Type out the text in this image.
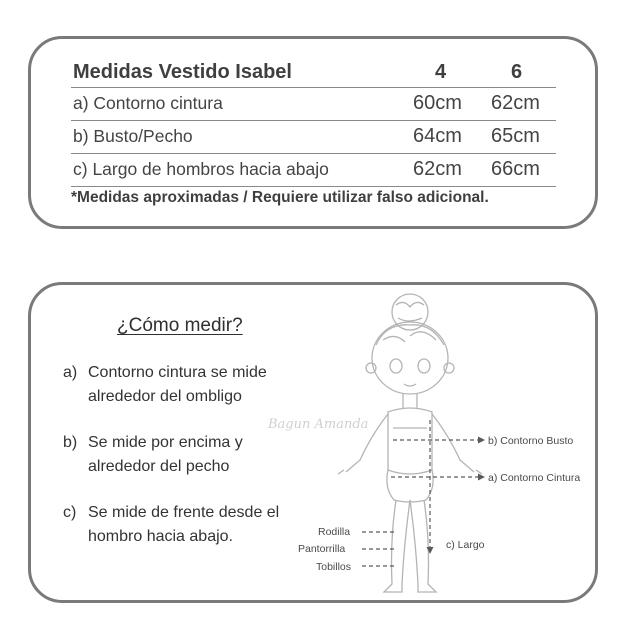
Medidas Vestido Isabel	4	6
a) Contorno cintura	60cm 62cm
b) Busto/Pecho	64cm 65cm
c) Largo de hombros hacia abajo	62cm 66cm
*Medidas aproximadas / Requiere utilizar falso adicional.
¿Cómo medir?
a) Contorno cintura se mide alrededor del ombligo
b) Se mide por encima y alrededor del pecho
c) Se mide de frente desde el hombro hacia abajo.
Bagun Amanda
b) Contorno Busto
a) Contorno Cintura
c) Largo
Rodilla
Pantorrilla
Tobillos
